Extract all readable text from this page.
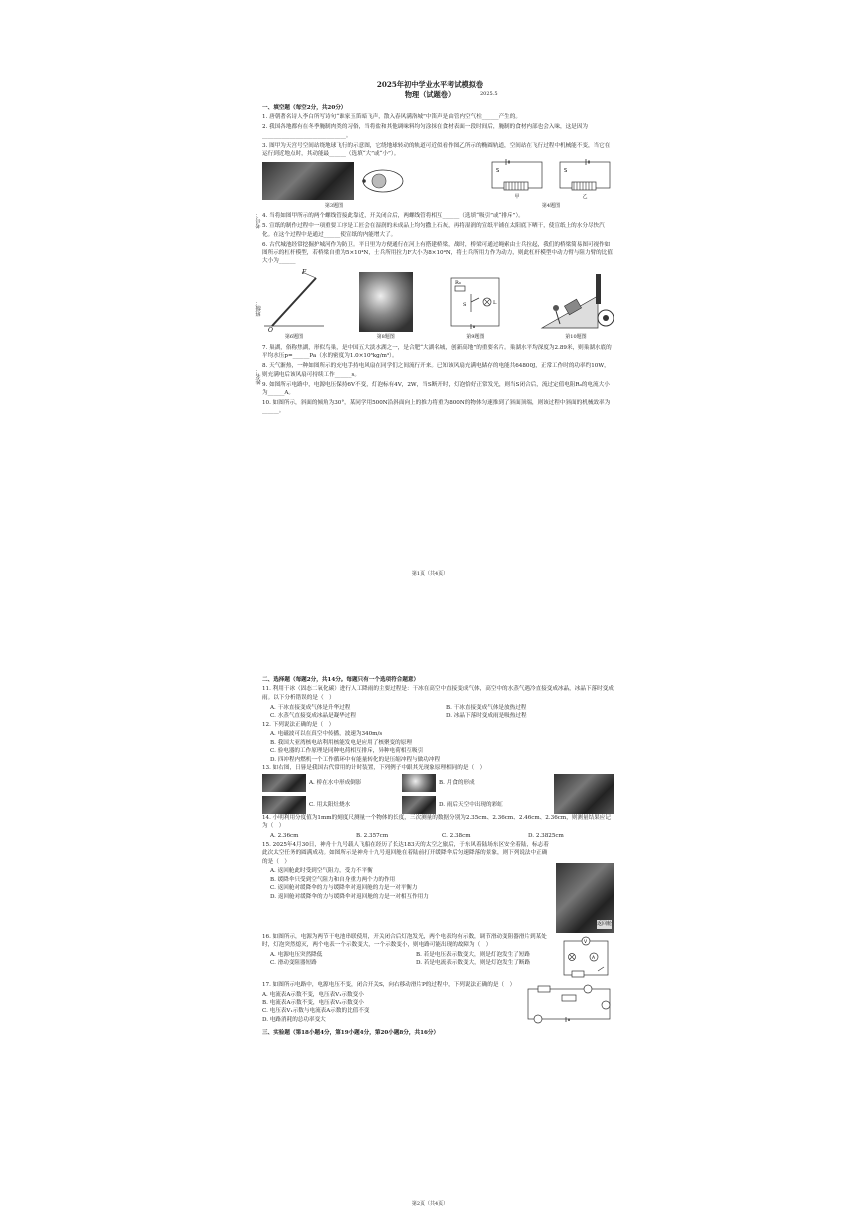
2025年初中学业水平考试模拟卷
物理（试题卷）	2025.5
考号：
班级：
姓名：
一、填空题（每空2分，共20分）
1. 唐朝著名诗人李白所写诗句“谁家玉笛暗飞声，散入春风满洛城”中笛声是由管内空气柱______产生的。
2. 我国各地都有在冬季腌制肉类的习俗，当将盐和其他调味料均匀涂抹在食材表面一段时间后，腌制的食材内部也会入味，这是因为______________________________。
3. 图甲为天宫号空间站绕地球飞行的示意图，它绕地球转动的轨道可近似看作图乙所示的椭圆轨道，空间站在飞行过程中机械能不变，当它在运行到近地点时，其动能最______（选填“大”或“小”）。
第3题图
S
甲
S
乙
第4题图
4. 当将如图甲所示的两个螺线管接此靠近，开关闭合后，两螺线管将相互______（选填“吸引”或“排斥”）。
5. 宣纸的制作过程中一项重要工序是工匠会在湿润的未成品上均匀撒上石灰，再将湿润的宣纸平铺在太阳底下晒干，使宣纸上的水分尽快汽化。在这个过程中是通过______使宣纸的内能增大了。
6. 古代城池经常挖掘护城河作为防卫。平日里为方便通行在河上有搭建桥梁，战时，桥梁可通过绳索由士兵拉起，我们的桥梁简易图可视作如图所示的杠杆模型，若桥梁自重为5×10⁴N，士兵所用拉力F大小为8×10⁴N，将士兵所用力作为动力，则此杠杆模型中动力臂与阻力臂的比值大小为______
F
O
第6题图	第8题图
R₀
S	L
第9题图	第10题图
7. 巢湖，俗称焦湖，形似鸟巢，是中国五大淡水湖之一，是合肥“大湖名城，创新高地”的重要名片。巢湖水平均深度为2.89米，则巢湖水底的平均水压p=______Pa（水的密度为1.0×10³kg/m³）。
8. 天气渐热，一种如图所示的充电手持电风扇在同学们之间流行开来。已知该风扇充满电储存的电能共64800J，正常工作时的功率约10W，则充满电后该风扇可持续工作______s。
9. 如图所示电路中，电源电压保持6V不变，灯泡标有4V，2W，当S断开时，灯泡恰好正常发光，则当S闭合后，流过定值电阻R₀的电流大小为______A。
10. 如图所示，斜面的倾角为30°，某同学用500N沿斜面向上的推力将重为800N的物体匀速推到了斜面顶端，则该过程中斜面的机械效率为______。
第1页（共4页）
二、选择题（每题2分，共14分。每题只有一个选项符合题意）
11. 利用干冰（固态二氧化碳）进行人工降雨的主要过程是：干冰在高空中直接变成气体，高空中的水蒸气遇冷直接变成冰晶，冰晶下落时变成雨。以下分析错误的是（　）
A. 干冰直接变成气体是升华过程	B. 干冰直接变成气体是放热过程
C. 水蒸气直接变成冰晶是凝华过程	D. 冰晶下落时变成雨是吸热过程
12. 下列说法正确的是（　）
A. 电磁波可以在真空中传播，波速为340m/s
B. 我国大亚湾核电站利用核能发电是应用了核聚变的原理
C. 验电器的工作原理是同种电荷相互排斥，异种电荷相互吸引
D. 四冲程内燃机一个工作循环中有能量转化的是压缩冲程与做功冲程
13. 如右图，日晷是我国古代常用的计时装置，下列例子中跟其光现象原理相同的是（　）
A. 桥在水中形成倒影	B. 月食的形成
C. 用太阳灶烧水	D. 雨后天空中出现的彩虹
14. 小明利用分度值为1mm的刻度尺测量一个物体的长度，三次测量的数据分别为2.35cm、2.36cm、2.46cm、2.36cm，则测量结果应记为（　）
A. 2.36cm	B. 2.357cm	C. 2.38cm	D. 2.3825cm
15. 2025年4月30日，神舟十九号载人飞船在经历了长达183天的太空之旅后，于东风着陆场东区安全着陆，标志着此次太空任务的圆满成功。如图所示是神舟十九号返回舱在着陆前打开缓降伞后匀速降落的景象，则下列说法中正确的是（　）
A. 返回舱此时受到空气阻力，受力不平衡
B. 缓降伞只受到空气阻力和自身重力两个力的作用
C. 返回舱对缓降伞的力与缓降伞对返回舱的力是一对平衡力
D. 返回舱对缓降伞的力与缓降伞对返回舱的力是一对相互作用力
返回舱
16. 如图所示，电源为两节干电池串联使用，开关闭合后灯泡发光，两个电表均有示数，调节滑动变阻器滑片到某处时，灯泡突然熄灭，两个电表一个示数变大，一个示数变小，则电路可能出现的故障为（　）
A. 电源电压突然降低	B. 若是电压表示数变大，则是灯泡发生了短路
C. 滑动变阻器短路	D. 若是电流表示数变大，则是灯泡发生了断路
V
A
17. 如图所示电路中，电源电压不变，闭合开关S，向右移动滑片P的过程中，下列说法正确的是（　）
A. 电流表A示数不变，电压表V₁示数变小
B. 电流表A示数不变，电压表V₂示数变小
C. 电压表V₁示数与电流表A示数的比值不变
D. 电路消耗的总功率变大
三、实验题（第18小题4分，第19小题4分，第20小题8分，共16分）
第2页（共4页）
